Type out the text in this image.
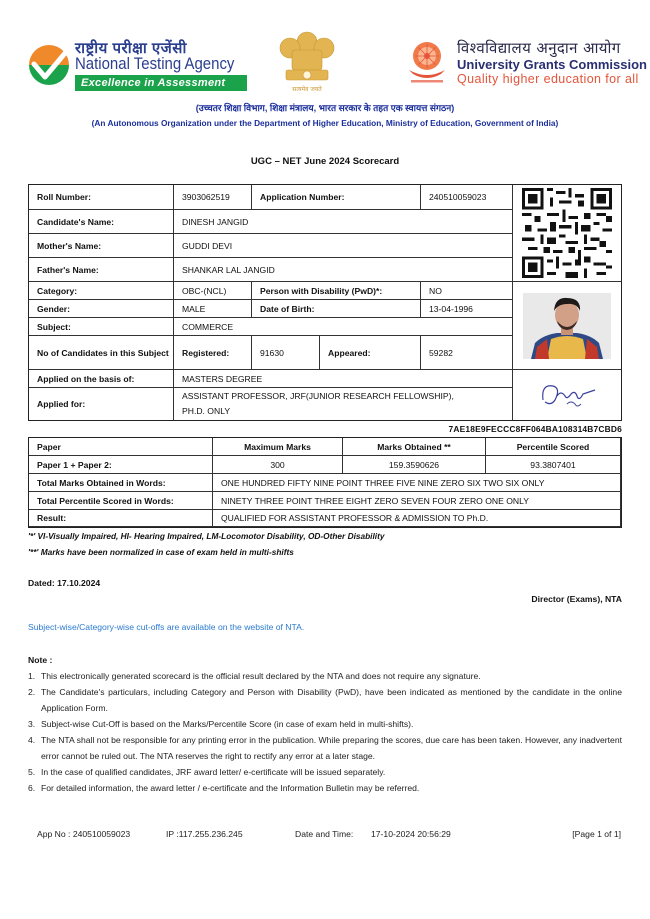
राष्ट्रीय परीक्षा एजेंसी
National Testing Agency
Excellence in Assessment
सत्यमेव जयते
विश्वविद्यालय अनुदान आयोग
University Grants Commission
Quality higher education for all
(उच्चतर शिक्षा विभाग, शिक्षा मंत्रालय, भारत सरकार के तहत एक स्वायत्त संगठन)
(An Autonomous Organization under the Department of Higher Education, Ministry of Education, Government of India)
UGC – NET June 2024 Scorecard
Roll Number:	3903062519	Application Number:	240510059023
Candidate's Name:	DINESH JANGID
Mother's Name:	GUDDI DEVI
Father's Name:	SHANKAR LAL JANGID
Category:	OBC-(NCL)	Person with Disability (PwD)*:	NO
Gender:	MALE	Date of Birth:	13-04-1996
Subject:	COMMERCE
No of Candidates in this Subject	Registered:	91630	Appeared:	59282
Applied on the basis of:	MASTERS DEGREE
Applied for:
ASSISTANT PROFESSOR, JRF(JUNIOR RESEARCH FELLOWSHIP), PH.D. ONLY
7AE18E9FECCC8FF064BA108314B7CBD6
Paper	Maximum Marks	Marks Obtained **	Percentile Scored
Paper 1 + Paper 2:	300	159.3590626	93.3807401
Total Marks Obtained in Words:	ONE HUNDRED FIFTY NINE POINT THREE FIVE NINE ZERO SIX TWO SIX ONLY
Total Percentile Scored in Words:	NINETY THREE POINT THREE EIGHT ZERO SEVEN FOUR ZERO ONE ONLY
Result:	QUALIFIED FOR ASSISTANT PROFESSOR & ADMISSION TO Ph.D.
'*' VI-Visually Impaired, HI- Hearing Impaired, LM-Locomotor Disability, OD-Other Disability
'**' Marks have been normalized in case of exam held in multi-shifts
Dated: 17.10.2024
Director (Exams), NTA
Subject-wise/Category-wise cut-offs are available on the website of NTA.
Note :
1. This electronically generated scorecard is the official result declared by the NTA and does not require any signature.
2. The Candidate's particulars, including Category and Person with Disability (PwD), have been indicated as mentioned by the candidate in the online Application Form.
3. Subject-wise Cut-Off is based on the Marks/Percentile Score (in case of exam held in multi-shifts).
4. The NTA shall not be responsible for any printing error in the publication. While preparing the scores, due care has been taken. However, any inadvertent error cannot be ruled out. The NTA reserves the right to rectify any error at a later stage.
5. In the case of qualified candidates, JRF award letter/ e-certificate will be issued separately.
6. For detailed information, the award letter / e-certificate and the Information Bulletin may be referred.
App No : 240510059023	IP :117.255.236.245	Date and Time: 17-10-2024 20:56:29	[Page 1 of 1]
